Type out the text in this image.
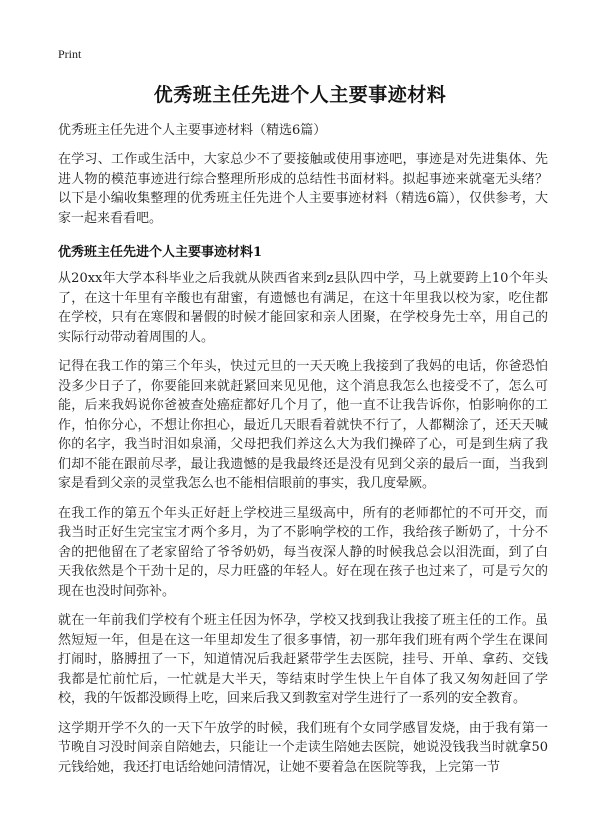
Print
优秀班主任先进个人主要事迹材料

优秀班主任先进个人主要事迹材料（精选6篇）

在学习、工作或生活中，大家总少不了要接触或使用事迹吧，事迹是对先进集体、先进人物的模范事迹进行综合整理所形成的总结性书面材料。拟起事迹来就毫无头绪？以下是小编收集整理的优秀班主任先进个人主要事迹材料（精选6篇），仅供参考，大家一起来看看吧。

优秀班主任先进个人主要事迹材料1

从20xx年大学本科毕业之后我就从陕西省来到z县队四中学，马上就要跨上10个年头了，在这十年里有辛酸也有甜蜜，有遗憾也有满足，在这十年里我以校为家，吃住都在学校，只有在寒假和暑假的时候才能回家和亲人团聚，在学校身先士卒，用自己的实际行动带动着周围的人。

记得在我工作的第三个年头，快过元旦的一天天晚上我接到了我妈的电话，你爸恐怕没多少日子了，你要能回来就赶紧回来见见他，这个消息我怎么也接受不了，怎么可能，后来我妈说你爸被查处癌症都好几个月了，他一直不让我告诉你，怕影响你的工作，怕你分心，不想让你担心，最近几天眼看着就快不行了，人都糊涂了，还天天喊你的名字，我当时泪如泉涌，父母把我们养这么大为我们操碎了心，可是到生病了我们却不能在跟前尽孝，最让我遗憾的是我最终还是没有见到父亲的最后一面，当我到家是看到父亲的灵堂我怎么也不能相信眼前的事实，我几度晕厥。

在我工作的第五个年头正好赶上学校进三星级高中，所有的老师都忙的不可开交，而我当时正好生完宝宝才两个多月，为了不影响学校的工作，我给孩子断奶了，十分不舍的把他留在了老家留给了爷爷奶奶，每当夜深人静的时候我总会以泪洗面，到了白天我依然是个干劲十足的，尽力旺盛的年轻人。好在现在孩子也过来了，可是亏欠的现在也没时间弥补。

就在一年前我们学校有个班主任因为怀孕，学校又找到我让我接了班主任的工作。虽然短短一年，但是在这一年里却发生了很多事情，初一那年我们班有两个学生在课间打闹时，胳膊扭了一下，知道情况后我赶紧带学生去医院，挂号、开单、拿药、交钱我都是忙前忙后，一忙就是大半天，等结束时学生快上午自体了我又匆匆赶回了学校，我的午饭都没顾得上吃，回来后我又到教室对学生进行了一系列的安全教育。

这学期开学不久的一天下午放学的时候，我们班有个女同学感冒发烧，由于我有第一节晚自习没时间亲自陪她去，只能让一个走读生陪她去医院，她说没钱我当时就拿50元钱给她，我还打电话给她问清情况，让她不要着急在医院等我，上完第一节
